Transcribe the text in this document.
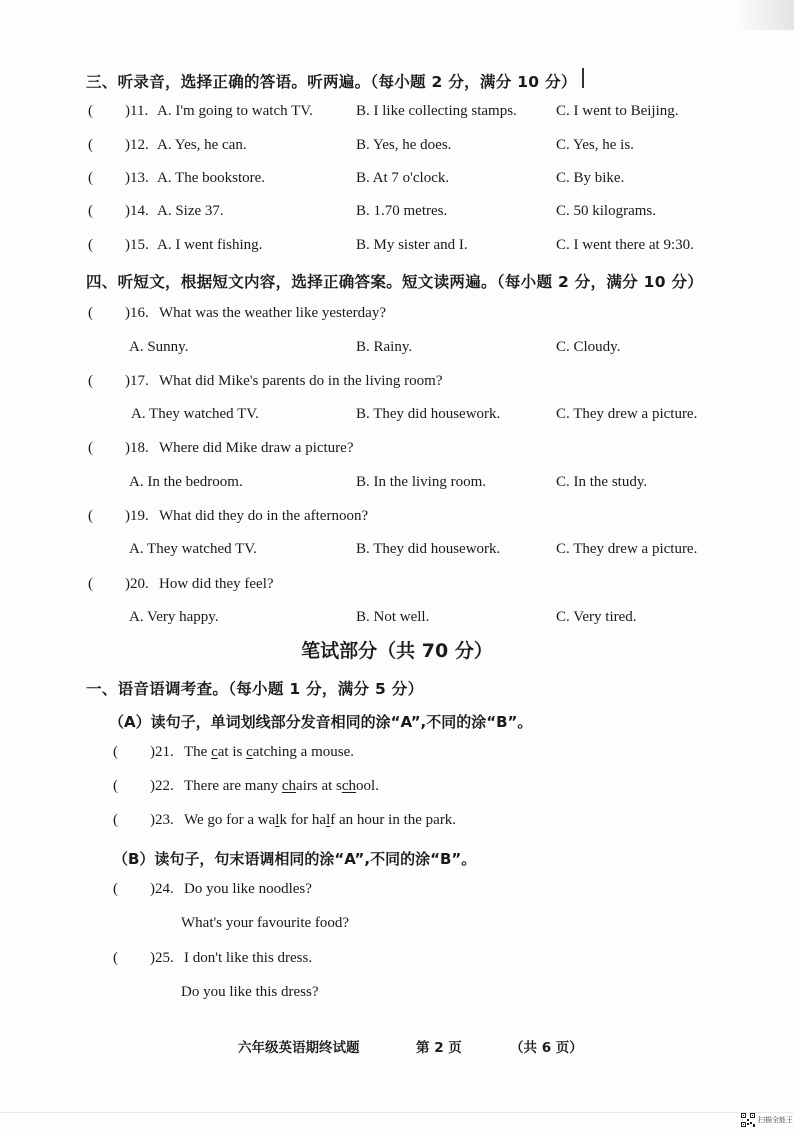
三、听录音，选择正确的答语。听两遍。（每小题 2 分，满分 10 分）
( )11. A. I'm going to watch TV.	B. I like collecting stamps.	C. I went to Beijing.
( )12. A. Yes, he can.	B. Yes, he does.	C. Yes, he is.
( )13. A. The bookstore.	B. At 7 o'clock.	C. By bike.
( )14. A. Size 37.	B. 1.70 metres.	C. 50 kilograms.
( )15. A. I went fishing.	B. My sister and I.	C. I went there at 9:30.
四、听短文，根据短文内容，选择正确答案。短文读两遍。（每小题 2 分，满分 10 分）
( )16. What was the weather like yesterday?
A. Sunny.	B. Rainy.	C. Cloudy.
( )17. What did Mike's parents do in the living room?
A. They watched TV.	B. They did housework.	C. They drew a picture.
( )18. Where did Mike draw a picture?
A. In the bedroom.	B. In the living room.	C. In the study.
( )19. What did they do in the afternoon?
A. They watched TV.	B. They did housework.	C. They drew a picture.
( )20. How did they feel?
A. Very happy.	B. Not well.	C. Very tired.
笔试部分（共 70 分）
一、语音语调考查。（每小题 1 分，满分 5 分）
（A）读句子，单词划线部分发音相同的涂“A”,不同的涂“B”。
( )21. The cat is catching a mouse.
( )22. There are many chairs at school.
( )23. We go for a walk for half an hour in the park.
（B）读句子，句末语调相同的涂“A”,不同的涂“B”。
( )24. Do you like noodles?
What's your favourite food?
( )25. I don't like this dress.
Do you like this dress?
六年级英语期终试题	第 2 页	（共 6 页）
扫描全能王
